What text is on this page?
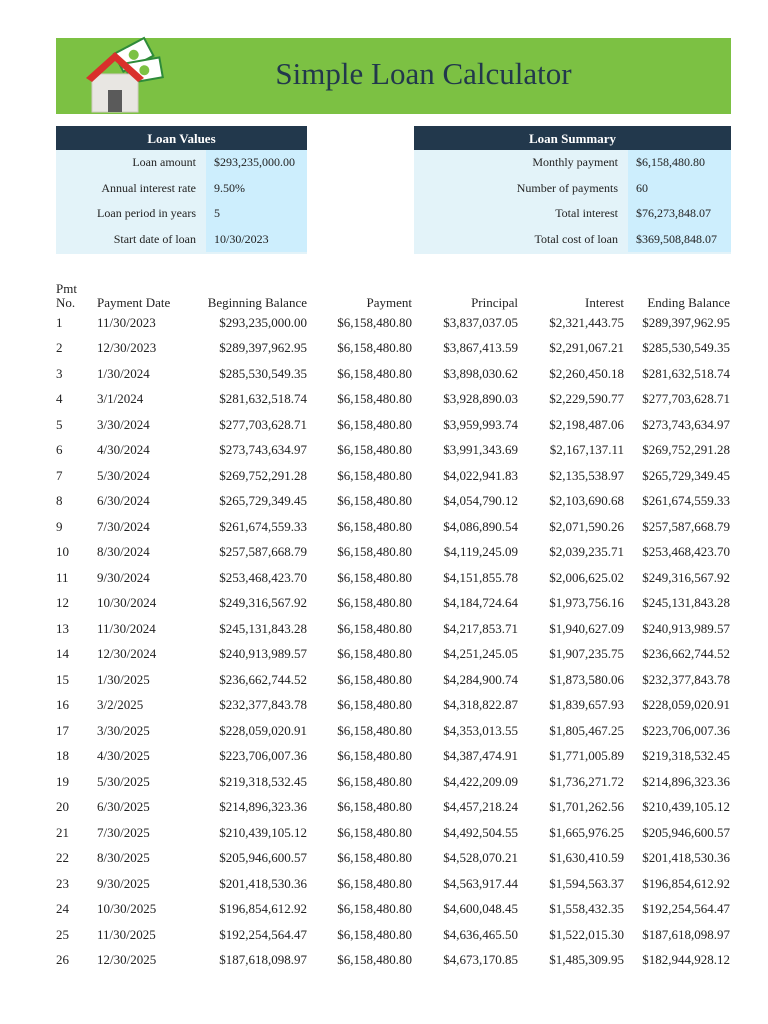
Simple Loan Calculator
Loan Values
Loan amount	$293,235,000.00
Annual interest rate	9.50%
Loan period in years	5
Start date of loan	10/30/2023
Loan Summary
Monthly payment	$6,158,480.80
Number of payments	60
Total interest	$76,273,848.07
Total cost of loan	$369,508,848.07
Pmt No.	Payment Date	Beginning Balance	Payment	Principal	Interest	Ending Balance
1	11/30/2023	$293,235,000.00	$6,158,480.80	$3,837,037.05	$2,321,443.75	$289,397,962.95
2	12/30/2023	$289,397,962.95	$6,158,480.80	$3,867,413.59	$2,291,067.21	$285,530,549.35
3	1/30/2024	$285,530,549.35	$6,158,480.80	$3,898,030.62	$2,260,450.18	$281,632,518.74
4	3/1/2024	$281,632,518.74	$6,158,480.80	$3,928,890.03	$2,229,590.77	$277,703,628.71
5	3/30/2024	$277,703,628.71	$6,158,480.80	$3,959,993.74	$2,198,487.06	$273,743,634.97
6	4/30/2024	$273,743,634.97	$6,158,480.80	$3,991,343.69	$2,167,137.11	$269,752,291.28
7	5/30/2024	$269,752,291.28	$6,158,480.80	$4,022,941.83	$2,135,538.97	$265,729,349.45
8	6/30/2024	$265,729,349.45	$6,158,480.80	$4,054,790.12	$2,103,690.68	$261,674,559.33
9	7/30/2024	$261,674,559.33	$6,158,480.80	$4,086,890.54	$2,071,590.26	$257,587,668.79
10	8/30/2024	$257,587,668.79	$6,158,480.80	$4,119,245.09	$2,039,235.71	$253,468,423.70
11	9/30/2024	$253,468,423.70	$6,158,480.80	$4,151,855.78	$2,006,625.02	$249,316,567.92
12	10/30/2024	$249,316,567.92	$6,158,480.80	$4,184,724.64	$1,973,756.16	$245,131,843.28
13	11/30/2024	$245,131,843.28	$6,158,480.80	$4,217,853.71	$1,940,627.09	$240,913,989.57
14	12/30/2024	$240,913,989.57	$6,158,480.80	$4,251,245.05	$1,907,235.75	$236,662,744.52
15	1/30/2025	$236,662,744.52	$6,158,480.80	$4,284,900.74	$1,873,580.06	$232,377,843.78
16	3/2/2025	$232,377,843.78	$6,158,480.80	$4,318,822.87	$1,839,657.93	$228,059,020.91
17	3/30/2025	$228,059,020.91	$6,158,480.80	$4,353,013.55	$1,805,467.25	$223,706,007.36
18	4/30/2025	$223,706,007.36	$6,158,480.80	$4,387,474.91	$1,771,005.89	$219,318,532.45
19	5/30/2025	$219,318,532.45	$6,158,480.80	$4,422,209.09	$1,736,271.72	$214,896,323.36
20	6/30/2025	$214,896,323.36	$6,158,480.80	$4,457,218.24	$1,701,262.56	$210,439,105.12
21	7/30/2025	$210,439,105.12	$6,158,480.80	$4,492,504.55	$1,665,976.25	$205,946,600.57
22	8/30/2025	$205,946,600.57	$6,158,480.80	$4,528,070.21	$1,630,410.59	$201,418,530.36
23	9/30/2025	$201,418,530.36	$6,158,480.80	$4,563,917.44	$1,594,563.37	$196,854,612.92
24	10/30/2025	$196,854,612.92	$6,158,480.80	$4,600,048.45	$1,558,432.35	$192,254,564.47
25	11/30/2025	$192,254,564.47	$6,158,480.80	$4,636,465.50	$1,522,015.30	$187,618,098.97
26	12/30/2025	$187,618,098.97	$6,158,480.80	$4,673,170.85	$1,485,309.95	$182,944,928.12
